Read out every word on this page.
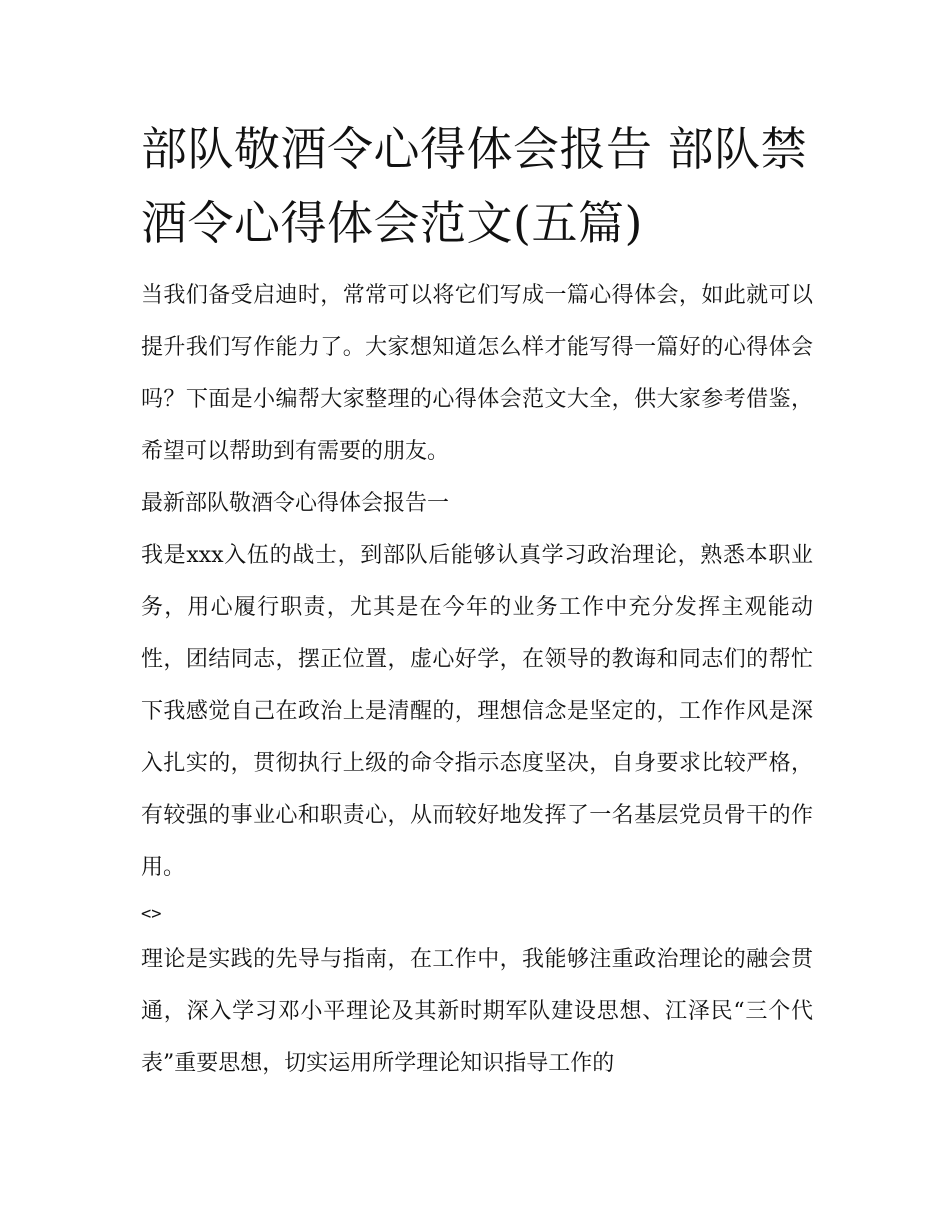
部队敬酒令心得体会报告 部队禁酒令心得体会范文(五篇)

当我们备受启迪时，常常可以将它们写成一篇心得体会，如此就可以提升我们写作能力了。大家想知道怎么样才能写得一篇好的心得体会吗？下面是小编帮大家整理的心得体会范文大全，供大家参考借鉴，希望可以帮助到有需要的朋友。

最新部队敬酒令心得体会报告一

我是xxx入伍的战士，到部队后能够认真学习政治理论，熟悉本职业务，用心履行职责，尤其是在今年的业务工作中充分发挥主观能动性，团结同志，摆正位置，虚心好学，在领导的教诲和同志们的帮忙下我感觉自己在政治上是清醒的，理想信念是坚定的，工作作风是深入扎实的，贯彻执行上级的命令指示态度坚决，自身要求比较严格，有较强的事业心和职责心，从而较好地发挥了一名基层党员骨干的作用。

<>

理论是实践的先导与指南，在工作中，我能够注重政治理论的融会贯通，深入学习邓小平理论及其新时期军队建设思想、江泽民“三个代表”重要思想，切实运用所学理论知识指导工作的
